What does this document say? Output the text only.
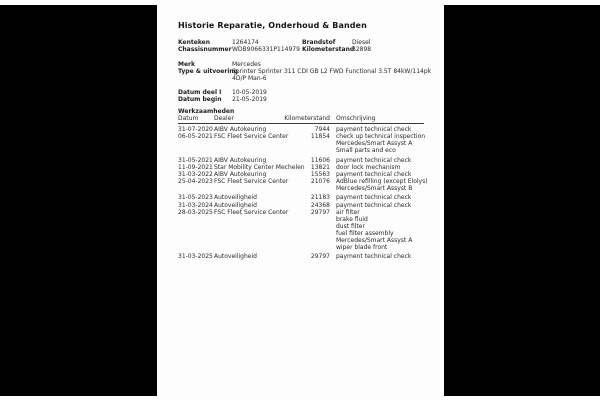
Historie Reparatie, Onderhoud & Banden
Kenteken	1264174	Brandstof	Diesel
Chassisnummer WDB9066331P114979 Kilometerstand
32898
Merk	Mercedes
Type & uitvoering
Sprinter Sprinter 311 CDI GB L2 FWD Functional 3.5T 84kW/114pk
4D/P Man-6
Datum deel I 10-05-2019
Datum begin 21-05-2019
Werkzaamheden
Datum	Dealer	Kilometerstand Omschrijving
31-07-2020 AIBV Autokeuring	7944 payment technical check
06-05-2021 FSC Fleet Service Center	11854 check up technical inspection
Mercedes/Smart Assyst A
Small parts and eco
31-05-2021 AIBV Autokeuring	11606 payment technical check
11-09-2021 Star Mobility Center Mechelen	13821 door lock mechanism
31-03-2022 AIBV Autokeuring	15563 payment technical check
25-04-2023 FSC Fleet Service Center	21076 AdBlue refilling (except Elolys)
Mercedes/Smart Assyst B
31-05-2023 Autoveiligheid	21183 payment technical check
31-03-2024 Autoveiligheid	24368 payment technical check
28-03-2025 FSC Fleet Service Center	29797 air filter
brake fluid
dust filter
fuel filter assembly
Mercedes/Smart Assyst A
wiper blade front
31-03-2025 Autoveiligheid	29797 payment technical check
